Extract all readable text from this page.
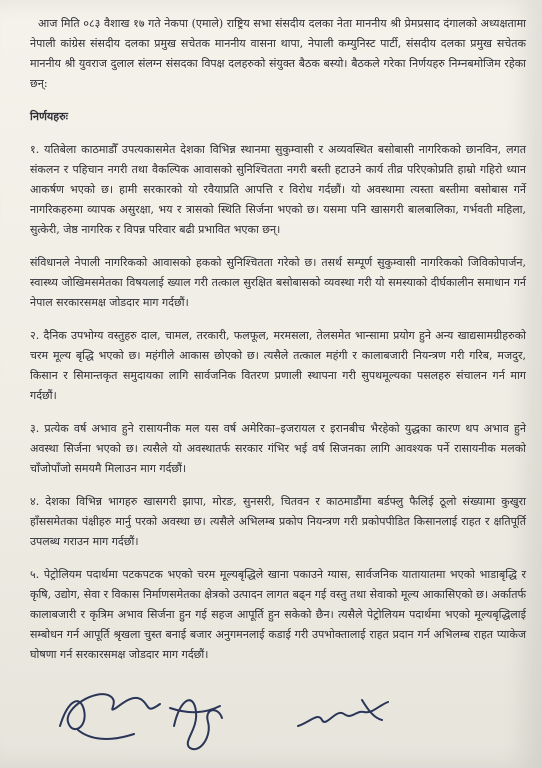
आज मिति ०८३ वैशाख १७ गते नेकपा (एमाले) राष्ट्रिय सभा संसदीय दलका नेता माननीय श्री प्रेमप्रसाद दंगालको अध्यक्षतामा नेपाली कांग्रेस संसदीय दलका प्रमुख सचेतक माननीय वासना थापा, नेपाली कम्युनिस्ट पार्टी, संसदीय दलका प्रमुख सचेतक माननीय श्री युवराज दुलाल संलग्न संसदका विपक्ष दलहरुको संयुक्त बैठक बस्यो। बैठकले गरेका निर्णयहरु निम्नबमोजिम रहेका छन्:

निर्णयहरुः

१. यतिबेला काठमाडौँ उपत्यकासमेत देशका विभिन्न स्थानमा सुकुम्वासी र अव्यवस्थित बसोबासी नागरिकको छानविन, लगत संकलन र पहिचान नगरी तथा वैकल्पिक आवासको सुनिश्चितता नगरी बस्ती हटाउने कार्य तीव्र परिएकोप्रति हाम्रो गहिरो ध्यान आकर्षण भएको छ। हामी सरकारको यो रवैयाप्रति आपत्ति र विरोध गर्दछौं। यो अवस्थामा त्यस्ता बस्तीमा बसोबास गर्ने नागरिकहरुमा व्यापक असुरक्षा, भय र त्रासको स्थिति सिर्जना भएको छ। यसमा पनि खासगरी बालबालिका, गर्भवती महिला, सुत्केरी, जेष्ठ नागरिक र विपन्न परिवार बढी प्रभावित भएका छन्।

संविधानले नेपाली नागरिकको आवासको हकको सुनिश्चितता गरेको छ। तसर्थ सम्पूर्ण सुकुम्वासी नागरिकको जिविकोपार्जन, स्वास्थ्य जोखिमसमेतका विषयलाई ख्याल गरी तत्काल सुरक्षित बसोबासको व्यवस्था गरी यो समस्याको दीर्घकालीन समाधान गर्न नेपाल सरकारसमक्ष जोडदार माग गर्दछौं।

२. दैनिक उपभोग्य वस्तुहरु दाल, चामल, तरकारी, फलफूल, मरमसला, तेलसमेत भान्सामा प्रयोग हुने अन्य खाद्यसामग्रीहरुको चरम मूल्य बृद्धि भएको छ। महंगीले आकास छोएको छ। त्यसैले तत्काल महंगी र कालाबजारी नियन्त्रण गरी गरिब, मजदुर, किसान र सिमान्तकृत समुदायका लागि सार्वजनिक वितरण प्रणाली स्थापना गरी सुपथमूल्यका पसलहरु संचालन गर्न माग गर्दछौं।

३. प्रत्येक वर्ष अभाव हुने रासायनीक मल यस वर्ष अमेरिका–इजरायल र इरानबीच भैरहेको युद्धका कारण थप अभाव हुने अवस्था सिर्जना भएको छ। त्यसैले यो अवस्थातर्फ सरकार गंभिर भई वर्ष सिजनका लागि आवश्यक पर्ने रासायनीक मलको चाँजोपाँजो समयमै मिलाउन माग गर्दछौं।

४. देशका विभिन्न भागहरु खासगरी झापा, मोरङ, सुनसरी, चितवन र काठमाडौंमा बर्डफ्लु फैलिई ठूलो संख्यामा कुखुरा हाँससमेतका पंक्षीहरु मार्नु परको अवस्था छ। त्यसैले अभिलम्ब प्रकोप नियन्त्रण गरी प्रकोपपीडित किसानलाई राहत र क्षतिपूर्ति उपलब्ध गराउन माग गर्दछौं।

५. पेट्रोलियम पदार्थमा पटकपटक भएको चरम मूल्यबृद्धिले खाना पकाउने ग्यास, सार्वजनिक यातायातमा भएको भाडाबृद्धि र कृषि, उद्योग, सेवा र विकास निर्माणसमेतका क्षेत्रको उत्पादन लागत बढ्न गई वस्तु तथा सेवाको मूल्य आकासिएको छ। अर्कातर्फ कालाबजारी र कृत्रिम अभाव सिर्जना हुन गई सहज आपूर्ति हुन सकेको छैन। त्यसैले पेट्रोलियम पदार्थमा भएको मूल्यबृद्धिलाई सम्बोधन गर्न आपूर्ति श्रृखला चुस्त बनाई बजार अनुगमनलाई कडाई गरी उपभोक्तालाई राहत प्रदान गर्न अभिलम्ब राहत प्याकेज घोषणा गर्न सरकारसमक्ष जोडदार माग गर्दछौं।
